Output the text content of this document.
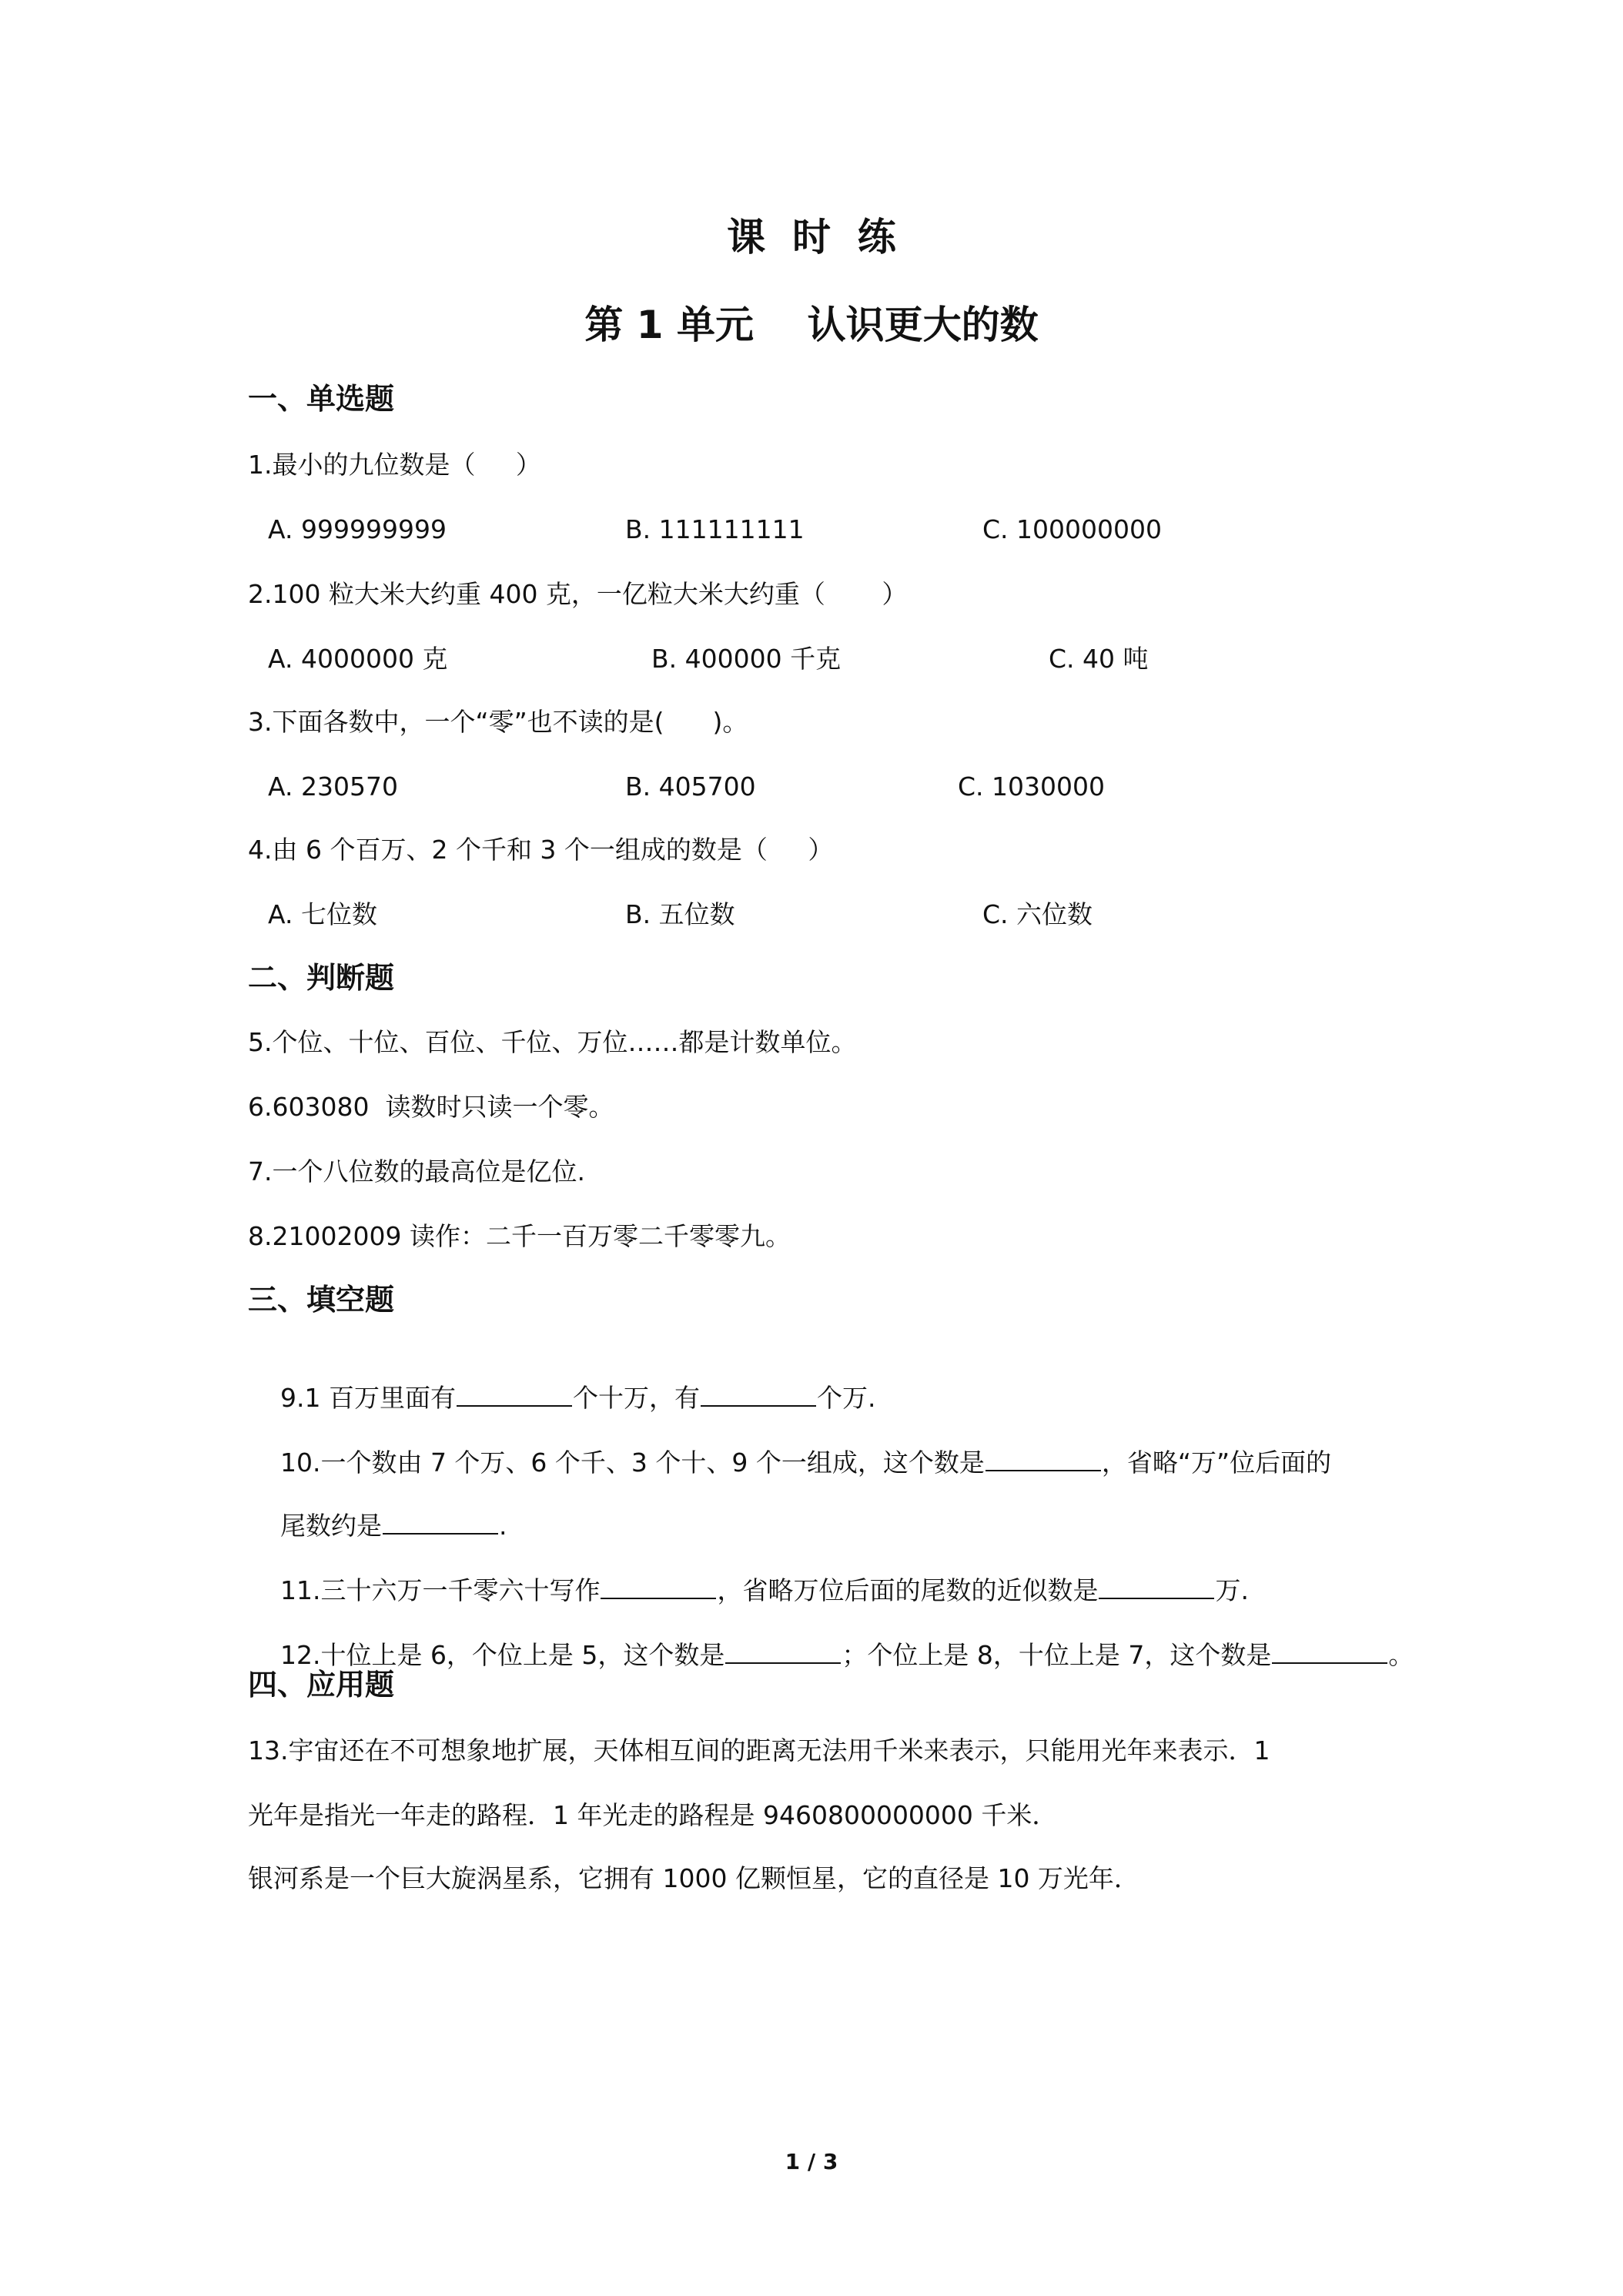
课  时  练
第 1 单元    认识更大的数
一、单选题
1.最小的九位数是（     ）
A. 999999999	B. 111111111	C. 100000000
2.100 粒大米大约重 400 克，一亿粒大米大约重（       ）
A. 4000000 克	B. 400000 千克	C. 40 吨
3.下面各数中，一个“零”也不读的是(      )。
A. 230570	B. 405700	C. 1030000
4.由 6 个百万、2 个千和 3 个一组成的数是（     ）
A. 七位数	B. 五位数	C. 六位数
二、判断题
5.个位、十位、百位、千位、万位……都是计数单位。
6.603080  读数时只读一个零。
7.一个八位数的最高位是亿位.
8.21002009 读作：二千一百万零二千零零九。
三、填空题

9.1 百万里面有	个十万，有	个万.

10.一个数由 7 个万、6 个千、3 个十、9 个一组成，这个数是	，省略“万”位后面的

尾数约是	.

11.三十六万一千零六十写作	，省略万位后面的尾数的近似数是	万.

12.十位上是 6，个位上是 5，这个数是	；个位上是 8，十位上是 7，这个数是	。

四、应用题
13.宇宙还在不可想象地扩展，天体相互间的距离无法用千米来表示，只能用光年来表示．1
光年是指光一年走的路程．1 年光走的路程是 9460800000000 千米．
银河系是一个巨大旋涡星系，它拥有 1000 亿颗恒星，它的直径是 10 万光年．
1 / 3
